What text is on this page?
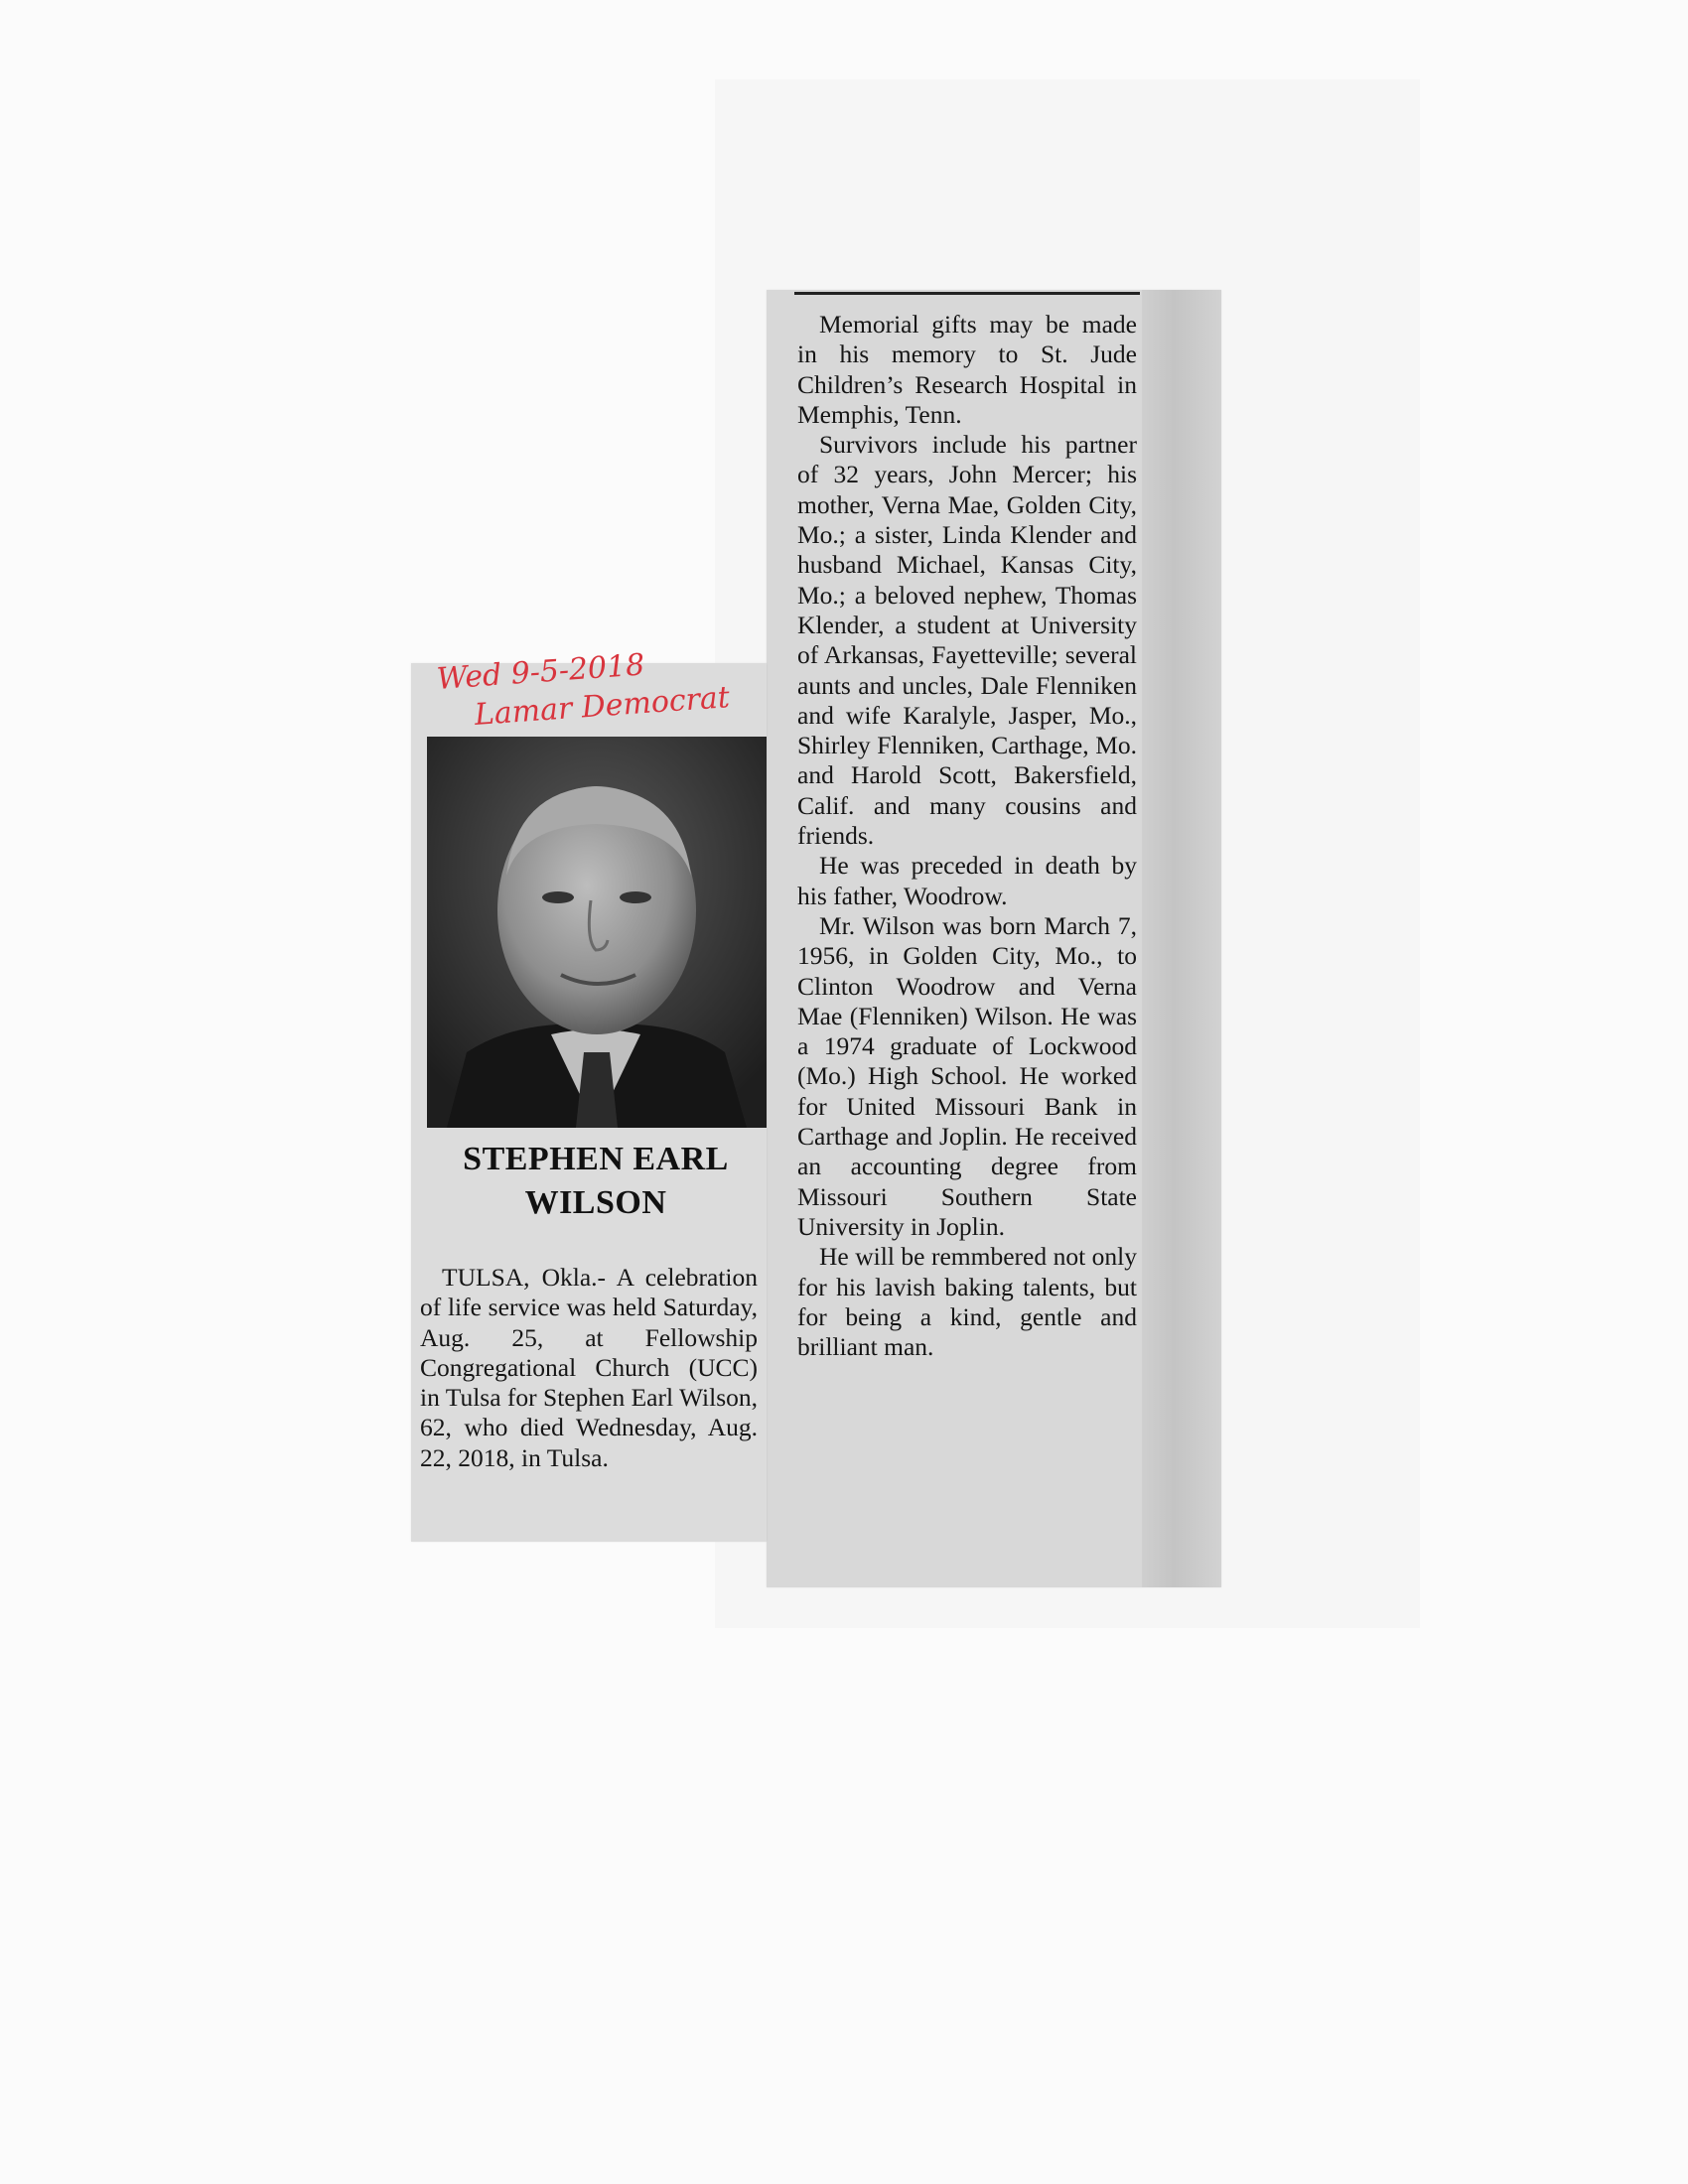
Wed 9-5-2018
Lamar Democrat
STEPHEN EARL
WILSON

TULSA, Okla.- A celebration of life service was held Saturday, Aug. 25, at Fellowship Congregational Church (UCC) in Tulsa for Stephen Earl Wilson, 62, who died Wednesday, Aug. 22, 2018, in Tulsa.

Memorial gifts may be made in his memory to St. Jude Children’s Research Hospital in Memphis, Tenn.

Survivors include his partner of 32 years, John Mercer; his mother, Verna Mae, Golden City, Mo.; a sister, Linda Klender and husband Michael, Kansas City, Mo.; a beloved nephew, Thomas Klender, a student at University of Arkansas, Fayetteville; several aunts and uncles, Dale Flenniken and wife Karalyle, Jasper, Mo., Shirley Flenniken, Carthage, Mo. and Harold Scott, Bakersfield, Calif. and many cousins and friends.

He was preceded in death by his father, Woodrow.

Mr. Wilson was born March 7, 1956, in Golden City, Mo., to Clinton Woodrow and Verna Mae (Flenniken) Wilson. He was a 1974 graduate of Lockwood (Mo.) High School. He worked for United Missouri Bank in Carthage and Joplin. He received an accounting degree from Missouri Southern State University in Joplin.

He will be remmbered not only for his lavish baking talents, but for being a kind, gentle and brilliant man.
